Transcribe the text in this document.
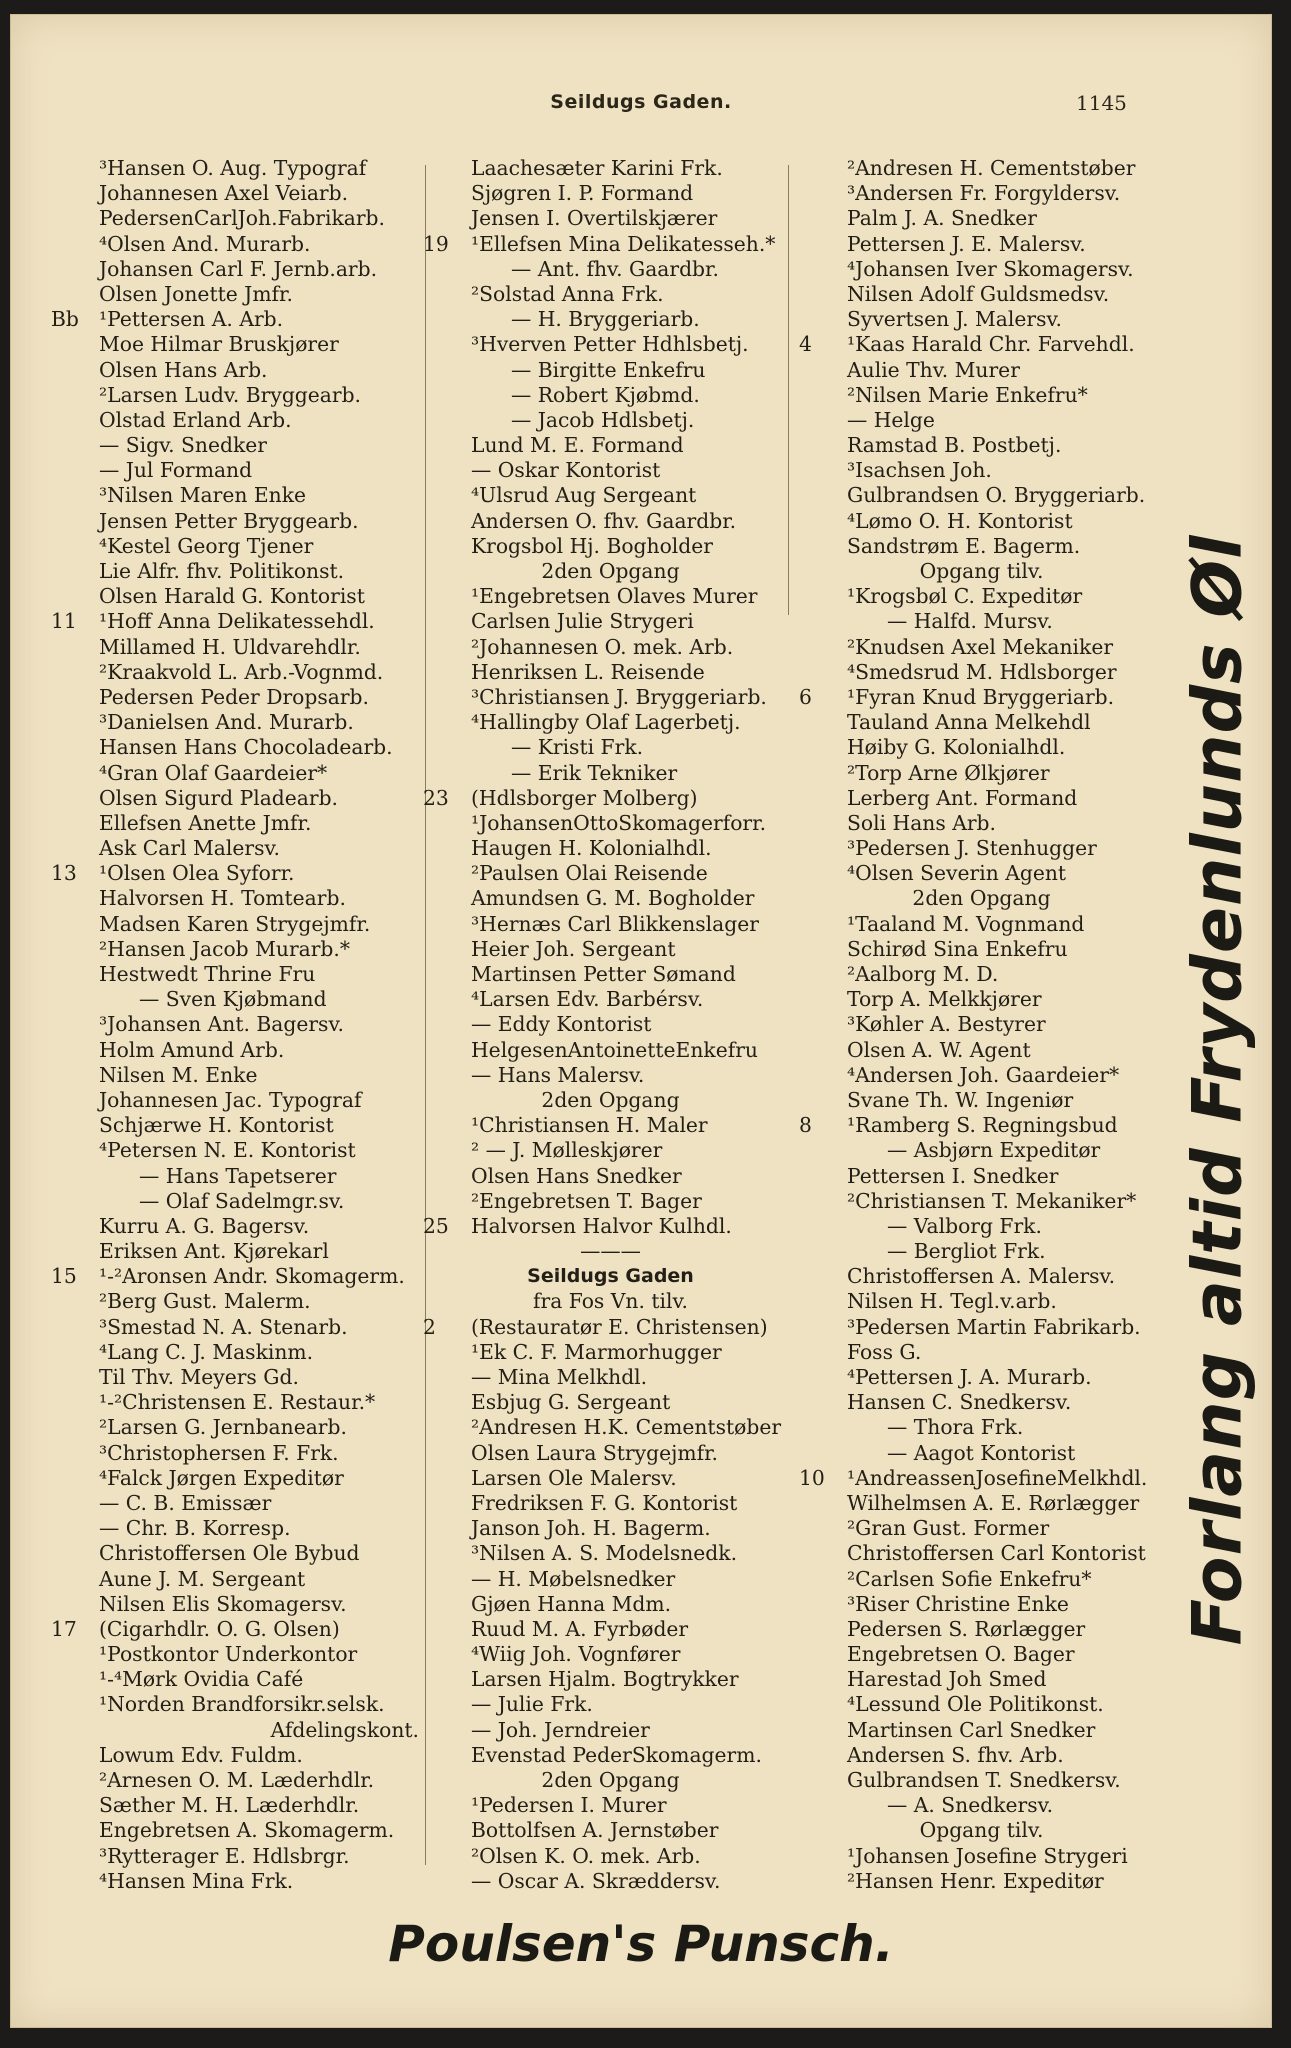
Seildugs Gaden.	1145
³Hansen O. Aug. Typograf
Johannesen Axel Veiarb.
PedersenCarlJoh.Fabrikarb.
⁴Olsen And. Murarb.
Johansen Carl F. Jernb.arb.
Olsen Jonette Jmfr.
Bb ¹Pettersen A. Arb.
Moe Hilmar Bruskjører
Olsen Hans Arb.
²Larsen Ludv. Bryggearb.
Olstad Erland Arb.
— Sigv. Snedker
— Jul Formand
³Nilsen Maren Enke
Jensen Petter Bryggearb.
⁴Kestel Georg Tjener
Lie Alfr. fhv. Politikonst.
Olsen Harald G. Kontorist
11	¹Hoff Anna Delikatessehdl.
Millamed H. Uldvarehdlr.
²Kraakvold L. Arb.-Vognmd.
Pedersen Peder Dropsarb.
³Danielsen And. Murarb.
Hansen Hans Chocoladearb.
⁴Gran Olaf Gaardeier*
Olsen Sigurd Pladearb.
Ellefsen Anette Jmfr.
Ask Carl Malersv.
13	¹Olsen Olea Syforr.
Halvorsen H. Tomtearb.
Madsen Karen Strygejmfr.
²Hansen Jacob Murarb.*
Hestwedt Thrine Fru
— Sven Kjøbmand
³Johansen Ant. Bagersv.
Holm Amund Arb.
Nilsen M. Enke
Johannesen Jac. Typograf
Schjærwe H. Kontorist
⁴Petersen N. E. Kontorist
— Hans Tapetserer
— Olaf Sadelmgr.sv.
Kurru A. G. Bagersv.
Eriksen Ant. Kjørekarl
15	¹-²Aronsen Andr. Skomagerm.
²Berg Gust. Malerm.
³Smestad N. A. Stenarb.
⁴Lang C. J. Maskinm.
Til Thv. Meyers Gd.
¹-²Christensen E. Restaur.*
²Larsen G. Jernbanearb.
³Christophersen F. Frk.
⁴Falck Jørgen Expeditør
— C. B. Emissær
— Chr. B. Korresp.
Christoffersen Ole Bybud
Aune J. M. Sergeant
Nilsen Elis Skomagersv.
17	(Cigarhdlr. O. G. Olsen)
¹Postkontor Underkontor
¹-⁴Mørk Ovidia Café
¹Norden Brandforsikr.selsk.
Afdelingskont.
Lowum Edv. Fuldm.
²Arnesen O. M. Læderhdlr.
Sæther M. H. Læderhdlr.
Engebretsen A. Skomagerm.
³Rytterager E. Hdlsbrgr.
⁴Hansen Mina Frk.
Laachesæter Karini Frk.
Sjøgren I. P. Formand
Jensen I. Overtilskjærer
19	¹Ellefsen Mina Delikatesseh.*
— Ant. fhv. Gaardbr.
²Solstad Anna Frk.
— H. Bryggeriarb.
³Hverven Petter Hdhlsbetj.
— Birgitte Enkefru
— Robert Kjøbmd.
— Jacob Hdlsbetj.
Lund M. E. Formand
— Oskar Kontorist
⁴Ulsrud Aug Sergeant
Andersen O. fhv. Gaardbr.
Krogsbol Hj. Bogholder
2den Opgang
¹Engebretsen Olaves Murer
Carlsen Julie Strygeri
²Johannesen O. mek. Arb.
Henriksen L. Reisende
³Christiansen J. Bryggeriarb.
⁴Hallingby Olaf Lagerbetj.
— Kristi Frk.
— Erik Tekniker
23	(Hdlsborger Molberg)
¹JohansenOttoSkomagerforr.
Haugen H. Kolonialhdl.
²Paulsen Olai Reisende
Amundsen G. M. Bogholder
³Hernæs Carl Blikkenslager
Heier Joh. Sergeant
Martinsen Petter Sømand
⁴Larsen Edv. Barbérsv.
— Eddy Kontorist
HelgesenAntoinetteEnkefru
— Hans Malersv.
2den Opgang
¹Christiansen H. Maler
² — J. Mølleskjører
Olsen Hans Snedker
²Engebretsen T. Bager
25	Halvorsen Halvor Kulhdl.
———
Seildugs Gaden
fra Fos Vn. tilv.
2	(Restauratør E. Christensen)
¹Ek C. F. Marmorhugger
— Mina Melkhdl.
Esbjug G. Sergeant
²Andresen H.K. Cementstøber
Olsen Laura Strygejmfr.
Larsen Ole Malersv.
Fredriksen F. G. Kontorist
Janson Joh. H. Bagerm.
³Nilsen A. S. Modelsnedk.
— H. Møbelsnedker
Gjøen Hanna Mdm.
Ruud M. A. Fyrbøder
⁴Wiig Joh. Vognfører
Larsen Hjalm. Bogtrykker
— Julie Frk.
— Joh. Jerndreier
Evenstad PederSkomagerm.
2den Opgang
¹Pedersen I. Murer
Bottolfsen A. Jernstøber
²Olsen K. O. mek. Arb.
— Oscar A. Skræddersv.
²Andresen H. Cementstøber
³Andersen Fr. Forgyldersv.
Palm J. A. Snedker
Pettersen J. E. Malersv.
⁴Johansen Iver Skomagersv.
Nilsen Adolf Guldsmedsv.
Syvertsen J. Malersv.
4	¹Kaas Harald Chr. Farvehdl.
Aulie Thv. Murer
²Nilsen Marie Enkefru*
— Helge
Ramstad B. Postbetj.
³Isachsen Joh.
Gulbrandsen O. Bryggeriarb.
⁴Lømo O. H. Kontorist
Sandstrøm E. Bagerm.
Opgang tilv.
¹Krogsbøl C. Expeditør
— Halfd. Mursv.
²Knudsen Axel Mekaniker
⁴Smedsrud M. Hdlsborger
6	¹Fyran Knud Bryggeriarb.
Tauland Anna Melkehdl
Høiby G. Kolonialhdl.
²Torp Arne Ølkjører
Lerberg Ant. Formand
Soli Hans Arb.
³Pedersen J. Stenhugger
⁴Olsen Severin Agent
2den Opgang
¹Taaland M. Vognmand
Schirød Sina Enkefru
²Aalborg M. D.
Torp A. Melkkjører
³Køhler A. Bestyrer
Olsen A. W. Agent
⁴Andersen Joh. Gaardeier*
Svane Th. W. Ingeniør
8	¹Ramberg S. Regningsbud
— Asbjørn Expeditør
Pettersen I. Snedker
²Christiansen T. Mekaniker*
— Valborg Frk.
— Bergliot Frk.
Christoffersen A. Malersv.
Nilsen H. Tegl.v.arb.
³Pedersen Martin Fabrikarb.
Foss G.
⁴Pettersen J. A. Murarb.
Hansen C. Snedkersv.
— Thora Frk.
— Aagot Kontorist
10	¹AndreassenJosefineMelkhdl.
Wilhelmsen A. E. Rørlægger
²Gran Gust. Former
Christoffersen Carl Kontorist
²Carlsen Sofie Enkefru*
³Riser Christine Enke
Pedersen S. Rørlægger
Engebretsen O. Bager
Harestad Joh Smed
⁴Lessund Ole Politikonst.
Martinsen Carl Snedker
Andersen S. fhv. Arb.
Gulbrandsen T. Snedkersv.
— A. Snedkersv.
Opgang tilv.
¹Johansen Josefine Strygeri
²Hansen Henr. Expeditør
Forlang altid Frydenlunds Øl
Poulsen's Punsch.
